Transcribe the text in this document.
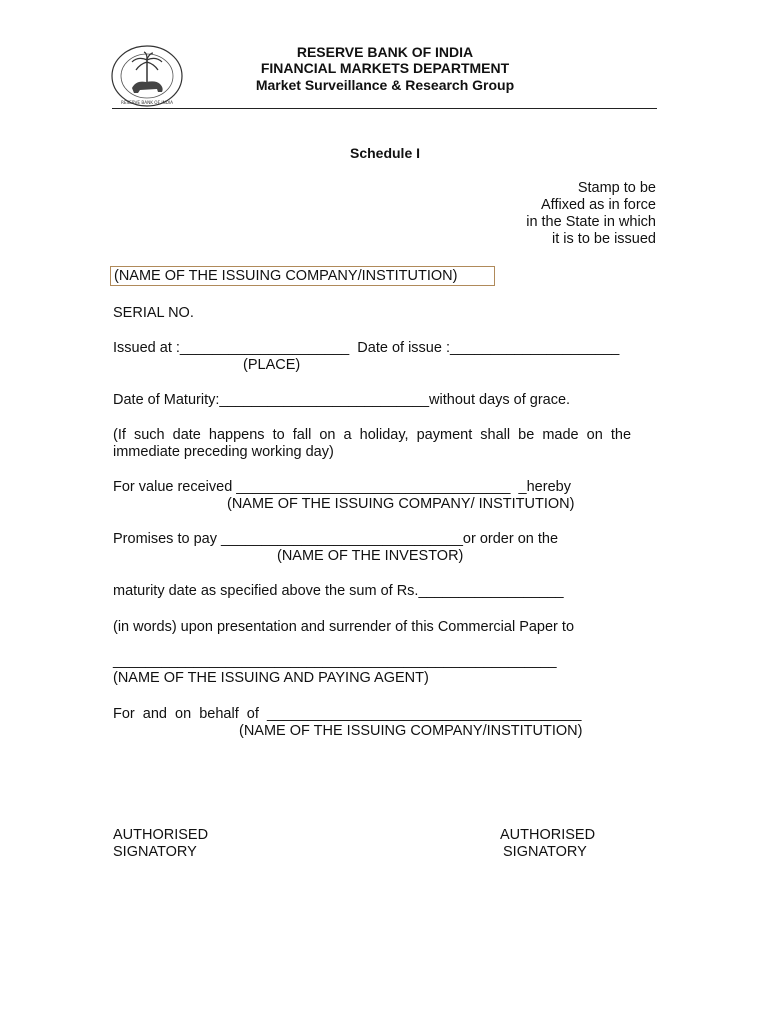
RESERVE BANK OF INDIA
RESERVE BANK OF INDIA
FINANCIAL MARKETS DEPARTMENT
Market Surveillance & Research Group
Schedule I
Stamp to be
Affixed as in force
in the State in which
it is to be issued
(NAME OF THE ISSUING COMPANY/INSTITUTION)
SERIAL NO.
Issued at :_____________________  Date of issue :_____________________
(PLACE)
Date of Maturity:__________________________without days of grace.
(If  such  date  happens  to  fall  on  a  holiday,  payment  shall  be  made  on  the
immediate preceding working day)
For value received __________________________________  _hereby
(NAME OF THE ISSUING COMPANY/ INSTITUTION)
Promises to pay ______________________________or order on the
(NAME OF THE INVESTOR)
maturity date as specified above the sum of Rs.__________________
(in words) upon presentation and surrender of this Commercial Paper to
_______________________________________________________
(NAME OF THE ISSUING AND PAYING AGENT)
For  and  on  behalf  of  _______________________________________
(NAME OF THE ISSUING COMPANY/INSTITUTION)
AUTHORISED
SIGNATORY
AUTHORISED
SIGNATORY
